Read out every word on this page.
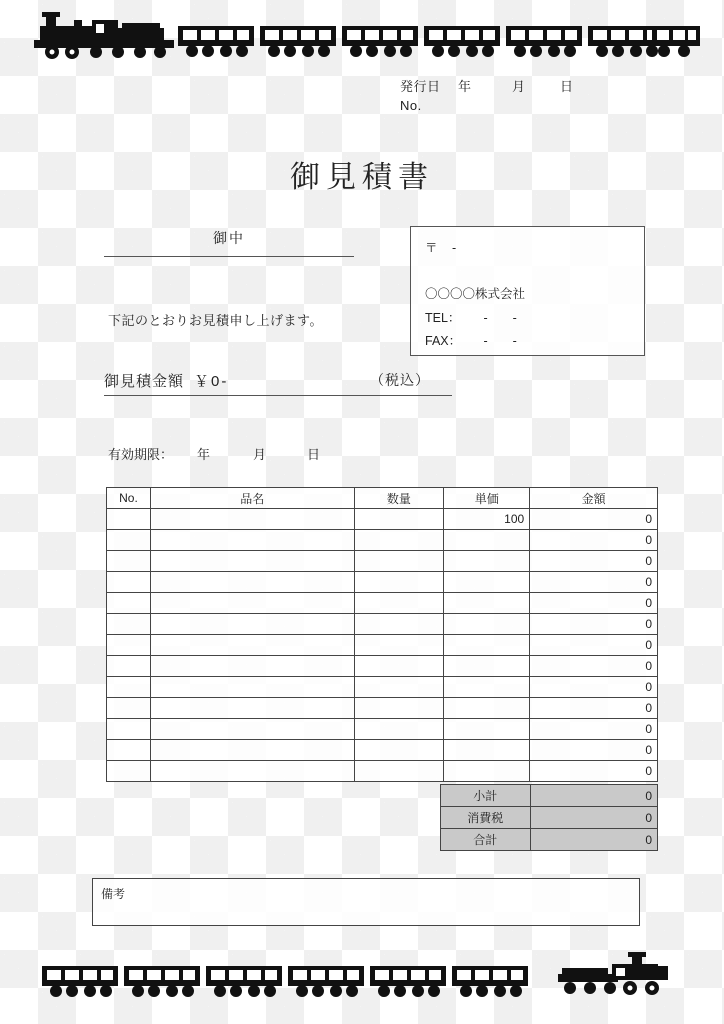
発行日	年	月	日
No.
御見積書
御中
下記のとおりお見積申し上げます。
〒　-
〇〇〇〇株式会社
TEL： 　-　　-
FAX： 　-　　-
御見積金額 ￥0-	（税込）
有効期限： 年	月	日
No.	品名	数量	単価	金額
			100	0
				0
				0
				0
				0
				0
				0
				0
				0
				0
				0
				0
				0
小計	0
消費税	0
合計	0
備考
